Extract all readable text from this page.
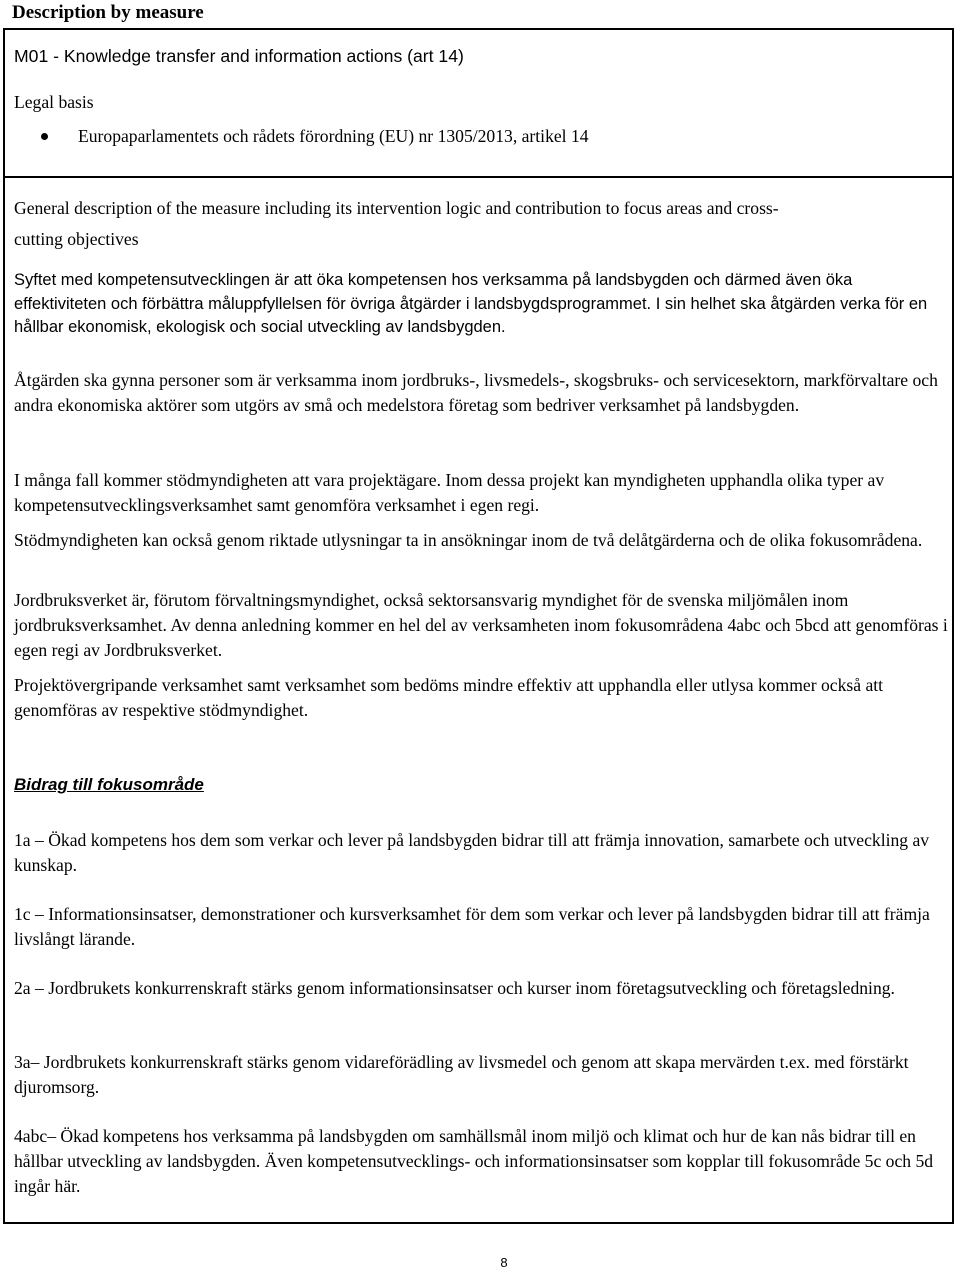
Description by measure

M01 - Knowledge transfer and information actions (art 14)

Legal basis

Europaparlamentets och rådets förordning (EU) nr 1305/2013, artikel 14

General description of the measure including its intervention logic and contribution to focus areas and cross-

cutting objectives

Syftet med kompetensutvecklingen är att öka kompetensen hos verksamma på landsbygden och därmed även öka effektiviteten och förbättra måluppfyllelsen för övriga åtgärder i landsbygdsprogrammet. I sin helhet ska åtgärden verka för en hållbar ekonomisk, ekologisk och social utveckling av landsbygden.

Åtgärden ska gynna personer som är verksamma inom jordbruks-, livsmedels-, skogsbruks- och servicesektorn, markförvaltare och andra ekonomiska aktörer som utgörs av små och medelstora företag som bedriver verksamhet på landsbygden.

I många fall kommer stödmyndigheten att vara projektägare. Inom dessa projekt kan myndigheten upphandla olika typer av kompetensutvecklingsverksamhet samt genomföra verksamhet i egen regi.

Stödmyndigheten kan också genom riktade utlysningar ta in ansökningar inom de två delåtgärderna och de olika fokusområdena.

Jordbruksverket är, förutom förvaltningsmyndighet, också sektorsansvarig myndighet för de svenska miljömålen inom jordbruksverksamhet. Av denna anledning kommer en hel del av verksamheten inom fokusområdena 4abc och 5bcd att genomföras i egen regi av Jordbruksverket.

Projektövergripande verksamhet samt verksamhet som bedöms mindre effektiv att upphandla eller utlysa kommer också att genomföras av respektive stödmyndighet.

Bidrag till fokusområde

1a – Ökad kompetens hos dem som verkar och lever på landsbygden bidrar till att främja innovation, samarbete och utveckling av kunskap.

1c – Informationsinsatser, demonstrationer och kursverksamhet för dem som verkar och lever på landsbygden bidrar till att främja livslångt lärande.

2a – Jordbrukets konkurrenskraft stärks genom informationsinsatser och kurser inom företagsutveckling och företagsledning.

3a– Jordbrukets konkurrenskraft stärks genom vidareförädling av livsmedel och genom att skapa mervärden t.ex. med förstärkt djuromsorg.

4abc– Ökad kompetens hos verksamma på landsbygden om samhällsmål inom miljö och klimat och hur de kan nås bidrar till en hållbar utveckling av landsbygden. Även kompetensutvecklings- och informationsinsatser som kopplar till fokusområde 5c och 5d ingår här.

8
